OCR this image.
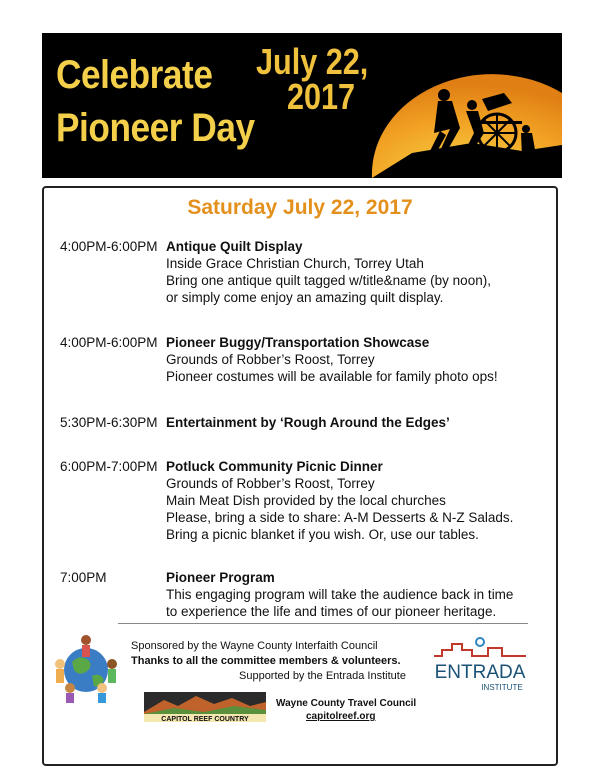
Celebrate
Pioneer Day
July 22,
2017
Saturday July 22, 2017
4:00PM-6:00PM Antique Quilt Display
Inside Grace Christian Church, Torrey Utah
Bring one antique quilt tagged w/title&name (by noon),
or simply come enjoy an amazing quilt display.
4:00PM-6:00PM Pioneer Buggy/Transportation Showcase
Grounds of Robber’s Roost, Torrey
Pioneer costumes will be available for family photo ops!
5:30PM-6:30PM Entertainment by ‘Rough Around the Edges’
6:00PM-7:00PM Potluck Community Picnic Dinner
Grounds of Robber’s Roost, Torrey
Main Meat Dish provided by the local churches
Please, bring a side to share: A-M Desserts & N-Z Salads.
Bring a picnic blanket if you wish. Or, use our tables.
7:00PM	Pioneer Program
This engaging program will take the audience back in time
to experience the life and times of our pioneer heritage.
Sponsored by the Wayne County Interfaith Council
Thanks to all the committee members & volunteers.
Supported by the Entrada Institute ENTRADA
INSTITUTE
CAPITOL REEF COUNTRY
Wayne County Travel Council
capitolreef.org
